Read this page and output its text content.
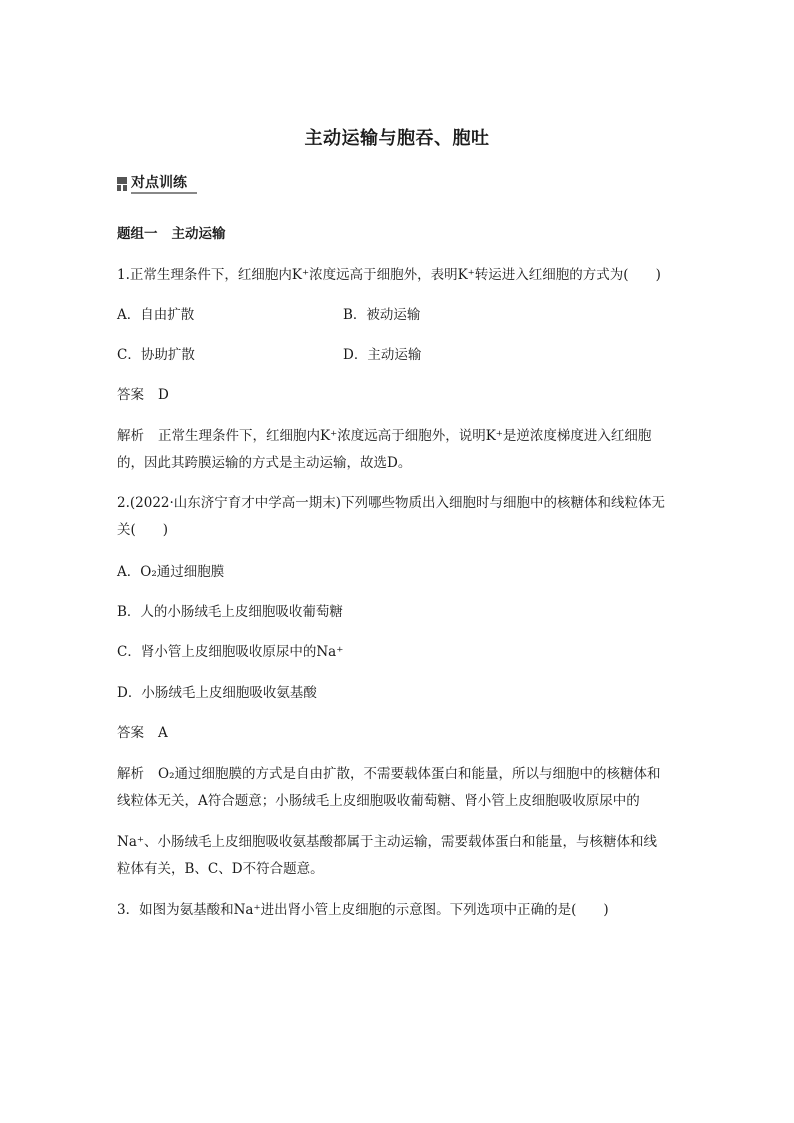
主动运输与胞吞、胞吐
对点训练
题组一 主动运输
1.正常生理条件下，红细胞内K⁺浓度远高于细胞外，表明K⁺转运进入红细胞的方式为(　　)
A．自由扩散	B．被动运输
C．协助扩散	D．主动运输
答案 D
解析 正常生理条件下，红细胞内K⁺浓度远高于细胞外，说明K⁺是逆浓度梯度进入红细胞
的，因此其跨膜运输的方式是主动运输，故选D。
2.(2022·山东济宁育才中学高一期末)下列哪些物质出入细胞时与细胞中的核糖体和线粒体无
关(　　)
A．O₂通过细胞膜
B．人的小肠绒毛上皮细胞吸收葡萄糖
C．肾小管上皮细胞吸收原尿中的Na⁺
D．小肠绒毛上皮细胞吸收氨基酸
答案 A
解析 O₂通过细胞膜的方式是自由扩散，不需要载体蛋白和能量，所以与细胞中的核糖体和
线粒体无关，A符合题意；小肠绒毛上皮细胞吸收葡萄糖、肾小管上皮细胞吸收原尿中的
Na⁺、小肠绒毛上皮细胞吸收氨基酸都属于主动运输，需要载体蛋白和能量，与核糖体和线
粒体有关，B、C、D不符合题意。
3．如图为氨基酸和Na⁺进出肾小管上皮细胞的示意图。下列选项中正确的是(　　)
